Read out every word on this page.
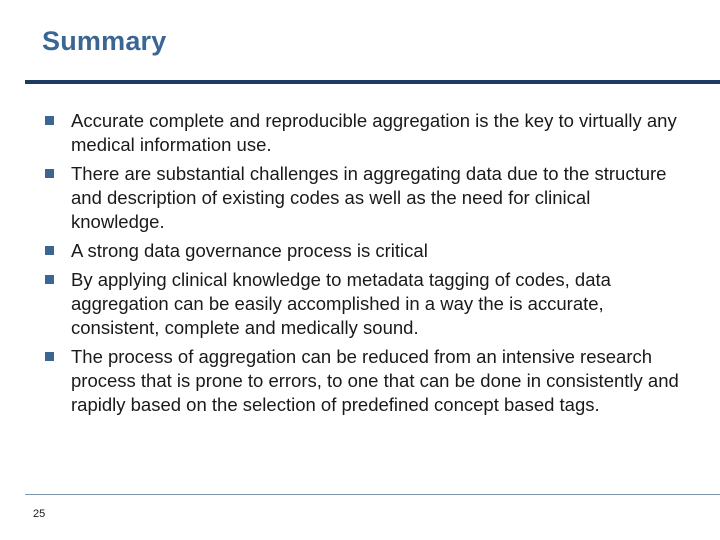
Summary
Accurate complete and reproducible aggregation is the key to virtually any medical information use.
There are substantial challenges in aggregating data due to the structure and description of existing codes as well as the need for clinical knowledge.
A strong data governance process is critical
By applying clinical knowledge to metadata tagging of codes, data aggregation can be easily accomplished in a way the is accurate, consistent, complete and medically sound.
The process of aggregation can be reduced from an intensive research process that is prone to errors, to one that can be done in consistently and rapidly based on the selection of predefined concept based tags.
25
